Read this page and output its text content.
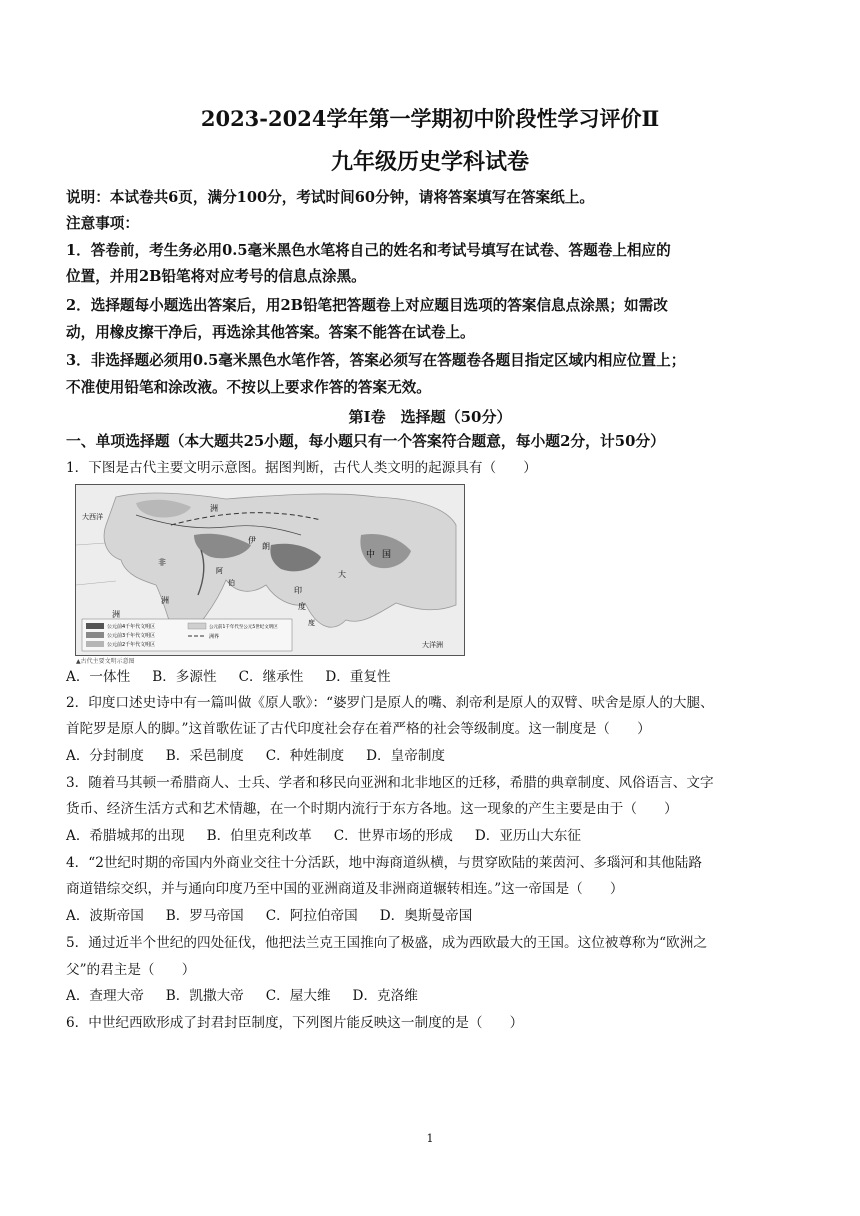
2023-2024学年第一学期初中阶段性学习评价Ⅱ
九年级历史学科试卷
说明：本试卷共6页，满分100分，考试时间60分钟，请将答案填写在答案纸上。
注意事项：
1．答卷前，考生务必用0.5毫米黑色水笔将自己的姓名和考试号填写在试卷、答题卷上相应的
位置，并用2B铅笔将对应考号的信息点涂黑。
2．选择题每小题选出答案后，用2B铅笔把答题卷上对应题目选项的答案信息点涂黑；如需改
动，用橡皮擦干净后，再选涂其他答案。答案不能答在试卷上。
3．非选择题必须用0.5毫米黑色水笔作答，答案必须写在答题卷各题目指定区域内相应位置上；
不准使用铅笔和涂改液。不按以上要求作答的答案无效。
第Ⅰ卷　选择题（50分）
一、单项选择题（本大题共25小题，每小题只有一个答案符合题意，每小题2分，计50分）
1．下图是古代主要文明示意图。据图判断，古代人类文明的起源具有（　　）
洲
非
洲
印
度
中 国
大
洲
大西洋
阿
伯
伊
朗
度
大洋洲
公元前4千年代文明区
公元前3千年代文明区
公元前2千年代文明区
公元前1千年代至公元5世纪文明区
洲界
▲古代主要文明示意图
A．一体性 B．多源性 C．继承性 D．重复性
2．印度口述史诗中有一篇叫做《原人歌》：“婆罗门是原人的嘴、刹帝利是原人的双臂、吠舍是原人的大腿、
首陀罗是原人的脚。”这首歌佐证了古代印度社会存在着严格的社会等级制度。这一制度是（　　）
A．分封制度 B．采邑制度 C．种姓制度 D．皇帝制度
3．随着马其顿一希腊商人、士兵、学者和移民向亚洲和北非地区的迁移，希腊的典章制度、风俗语言、文字
货币、经济生活方式和艺术情趣，在一个时期内流行于东方各地。这一现象的产生主要是由于（　　）
A．希腊城邦的出现 B．伯里克利改革 C．世界市场的形成 D．亚历山大东征
4．“2世纪时期的帝国内外商业交往十分活跃，地中海商道纵横，与贯穿欧陆的莱茵河、多瑙河和其他陆路
商道错综交织，并与通向印度乃至中国的亚洲商道及非洲商道辗转相连。”这一帝国是（　　）
A．波斯帝国 B．罗马帝国 C．阿拉伯帝国 D．奥斯曼帝国
5．通过近半个世纪的四处征伐，他把法兰克王国推向了极盛，成为西欧最大的王国。这位被尊称为“欧洲之
父”的君主是（　　）
A．查理大帝 B．凯撒大帝 C．屋大维 D．克洛维
6．中世纪西欧形成了封君封臣制度，下列图片能反映这一制度的是（　　）
1
